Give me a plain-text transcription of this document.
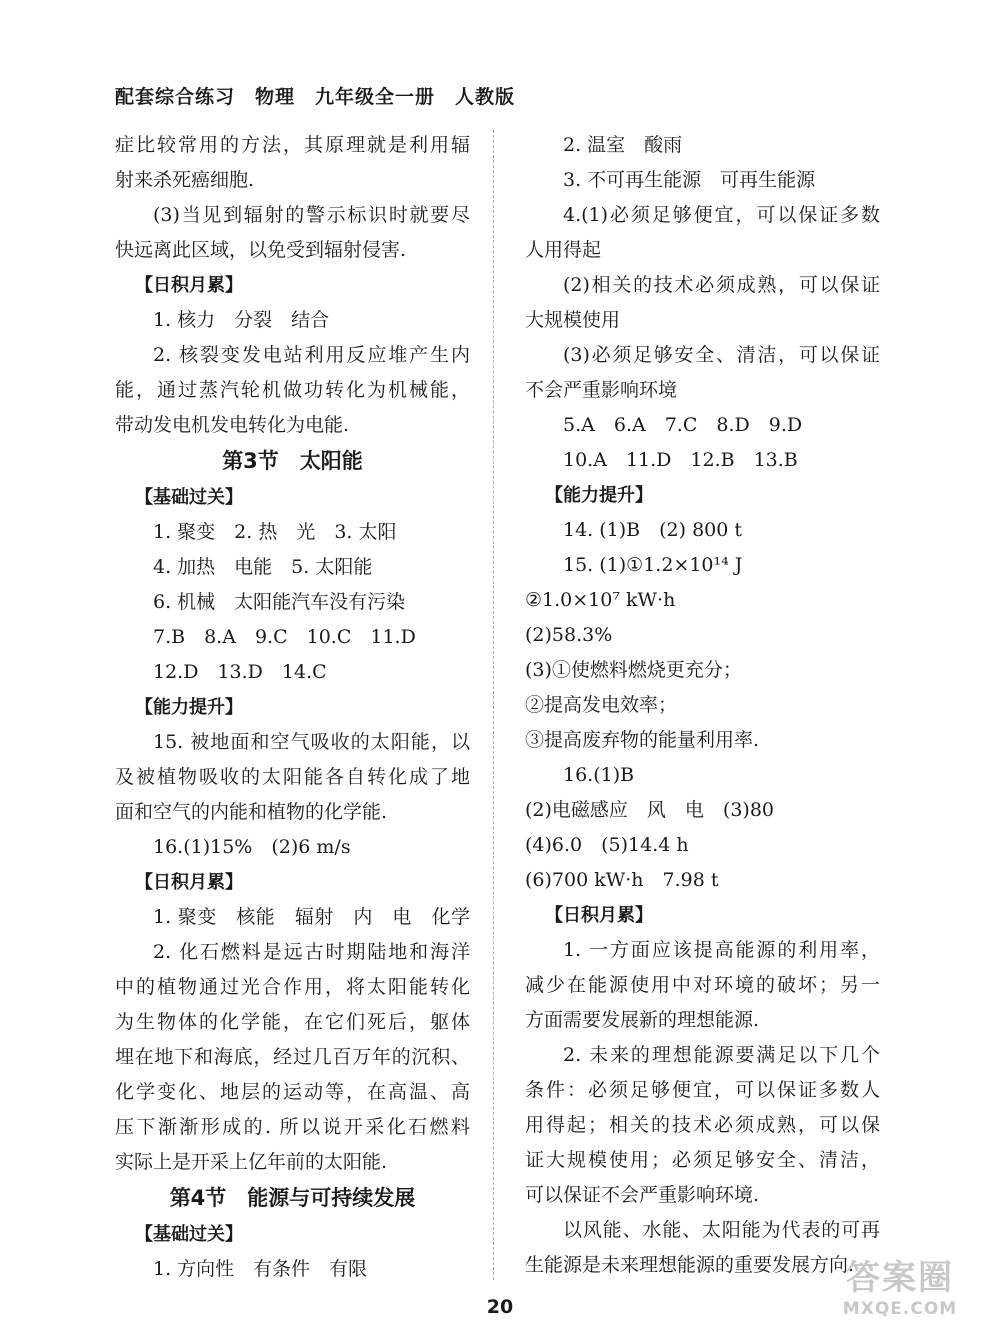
配套综合练习　物理　九年级全一册　人教版
症比较常用的方法，其原理就是利用辐
射来杀死癌细胞.
(3)当见到辐射的警示标识时就要尽
快远离此区域，以免受到辐射侵害.
【日积月累】
1. 核力　分裂　结合
2. 核裂变发电站利用反应堆产生内
能，通过蒸汽轮机做功转化为机械能，
带动发电机发电转化为电能.
第3节　太阳能
【基础过关】
1. 聚变　2. 热　光　3. 太阳
4. 加热　电能　5. 太阳能
6. 机械　太阳能汽车没有污染
7.B　8.A　9.C　10.C　11.D
12.D　13.D　14.C
【能力提升】
15. 被地面和空气吸收的太阳能，以
及被植物吸收的太阳能各自转化成了地
面和空气的内能和植物的化学能.
16.(1)15%　(2)6 m/s
【日积月累】
1. 聚变　核能　辐射　内　电　化学
2. 化石燃料是远古时期陆地和海洋
中的植物通过光合作用，将太阳能转化
为生物体的化学能，在它们死后，躯体
埋在地下和海底，经过几百万年的沉积、
化学变化、地层的运动等，在高温、高
压下渐渐形成的. 所以说开采化石燃料
实际上是开采上亿年前的太阳能.
第4节　能源与可持续发展
【基础过关】
1. 方向性　有条件　有限
2. 温室　酸雨
3. 不可再生能源　可再生能源
4.(1)必须足够便宜，可以保证多数
人用得起
(2)相关的技术必须成熟，可以保证
大规模使用
(3)必须足够安全、清洁，可以保证
不会严重影响环境
5.A　6.A　7.C　8.D　9.D
10.A　11.D　12.B　13.B
【能力提升】
14. (1)B　(2) 800 t
15. (1)①1.2×10¹⁴ J
②1.0×10⁷ kW·h
(2)58.3%
(3)①使燃料燃烧更充分；
②提高发电效率；
③提高废弃物的能量利用率.
16.(1)B
(2)电磁感应　风　电　(3)80
(4)6.0　(5)14.4 h
(6)700 kW·h　7.98 t
【日积月累】
1. 一方面应该提高能源的利用率，
减少在能源使用中对环境的破坏；另一
方面需要发展新的理想能源.
2. 未来的理想能源要满足以下几个
条件：必须足够便宜，可以保证多数人
用得起；相关的技术必须成熟，可以保
证大规模使用；必须足够安全、清洁，
可以保证不会严重影响环境.
以风能、水能、太阳能为代表的可再
生能源是未来理想能源的重要发展方向.
20
答案圈
MXQE.COM
